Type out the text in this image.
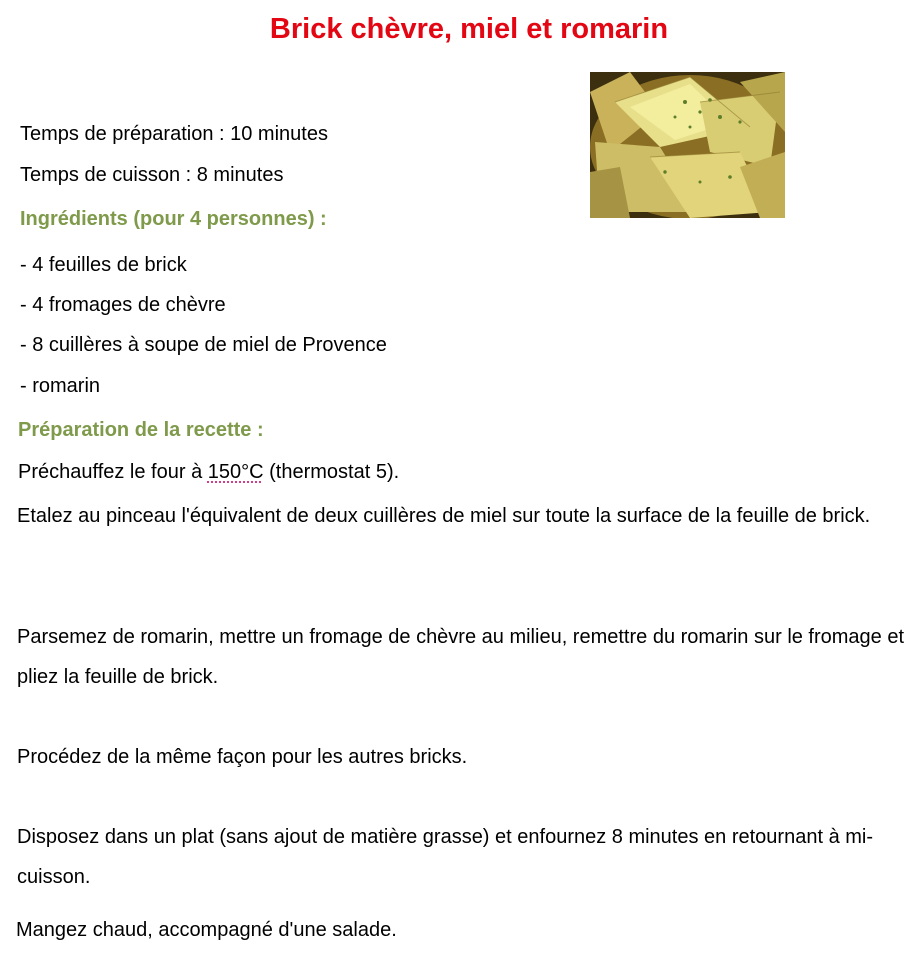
Brick chèvre, miel et romarin
Temps de préparation : 10 minutes
Temps de cuisson : 8 minutes
Ingrédients (pour 4 personnes) :
- 4 feuilles de brick
- 4 fromages de chèvre
- 8 cuillères à soupe de miel de Provence
- romarin
Préparation de la recette :
Préchauffez le four à 150°C (thermostat 5).
Etalez au pinceau l'équivalent de deux cuillères de miel sur toute la surface de la feuille de brick.
Parsemez de romarin, mettre un fromage de chèvre au milieu, remettre du romarin sur le fromage et pliez la feuille de brick.
Procédez de la même façon pour les autres bricks.
Disposez dans un plat (sans ajout de matière grasse) et enfournez 8 minutes en retournant à mi-cuisson.
Mangez chaud, accompagné d'une salade.
